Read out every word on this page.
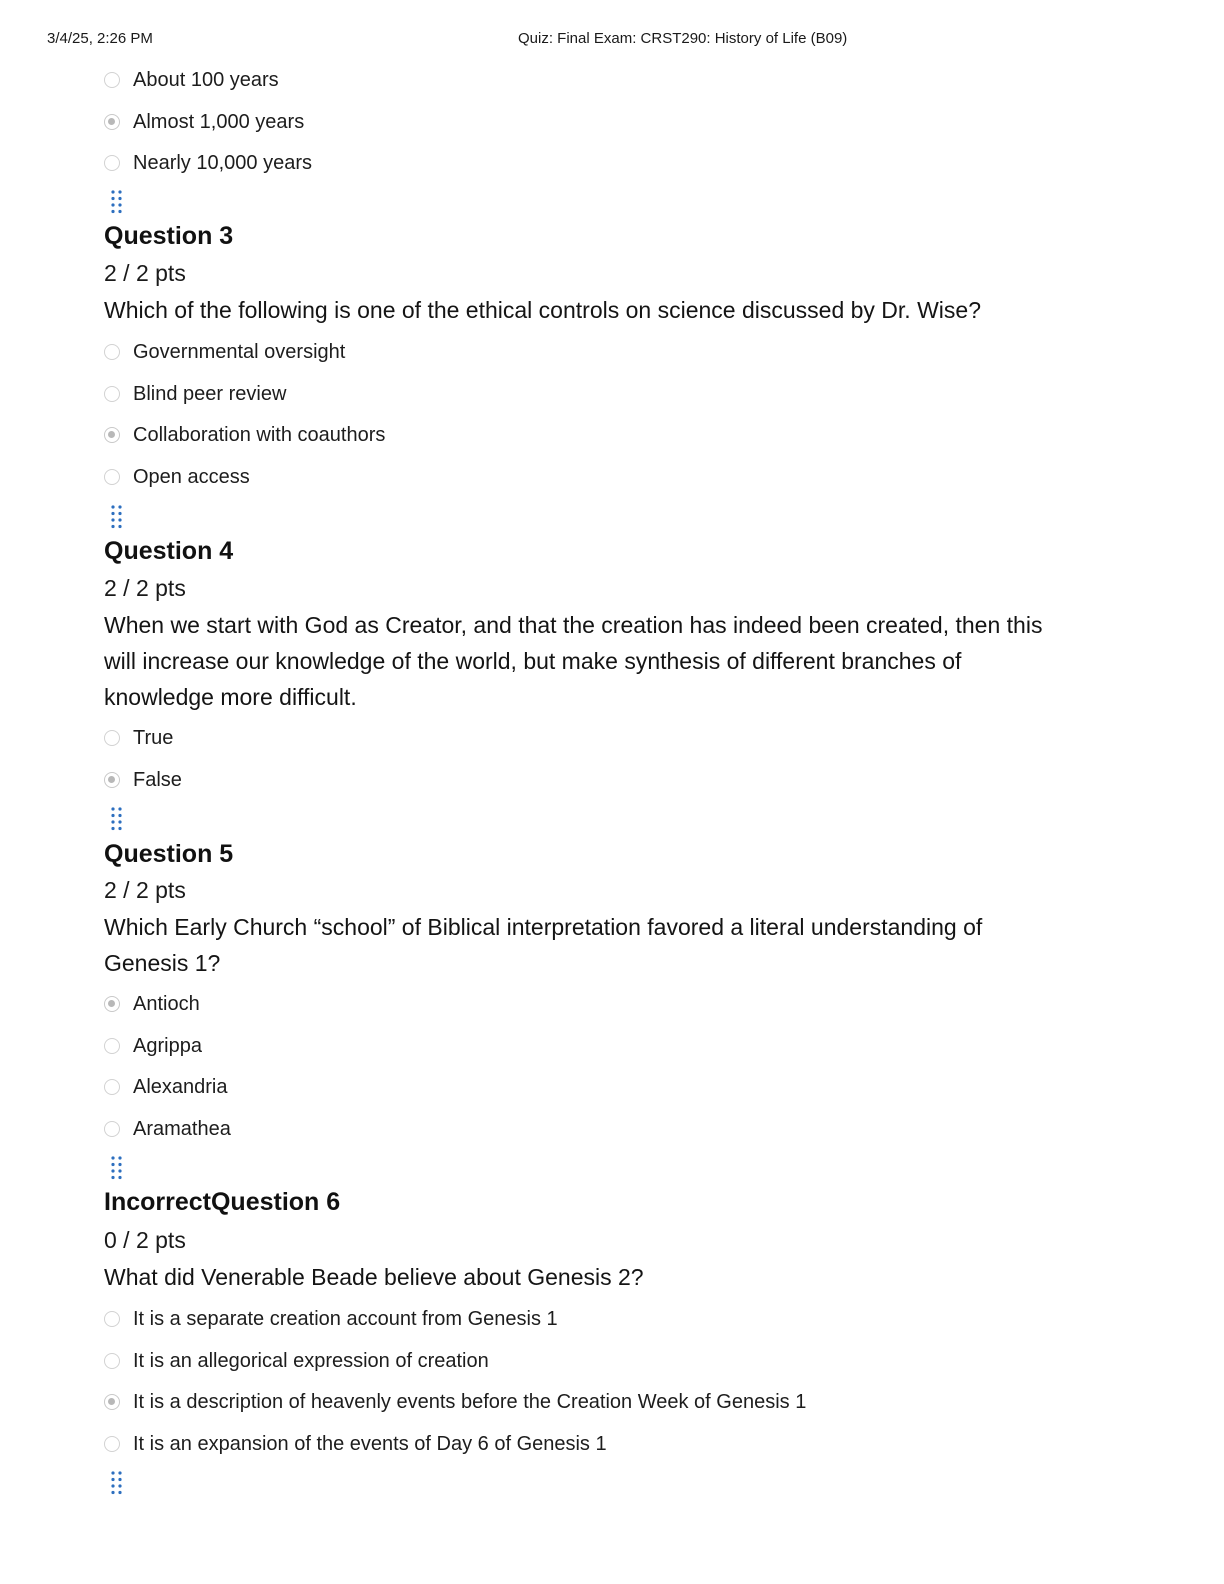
3/4/25, 2:26 PM	Quiz: Final Exam: CRST290: History of Life (B09)
About 100 years
Almost 1,000 years
Nearly 10,000 years
Question 3
2 / 2 pts
Which of the following is one of the ethical controls on science discussed by Dr. Wise?
Governmental oversight
Blind peer review
Collaboration with coauthors
Open access
Question 4
2 / 2 pts
When we start with God as Creator, and that the creation has indeed been created, then this will increase our knowledge of the world, but make synthesis of different branches of knowledge more difficult.
True
False
Question 5
2 / 2 pts
Which Early Church “school” of Biblical interpretation favored a literal understanding of Genesis 1?
Antioch
Agrippa
Alexandria
Aramathea
IncorrectQuestion 6
0 / 2 pts
What did Venerable Beade believe about Genesis 2?
It is a separate creation account from Genesis 1
It is an allegorical expression of creation
It is a description of heavenly events before the Creation Week of Genesis 1
It is an expansion of the events of Day 6 of Genesis 1
